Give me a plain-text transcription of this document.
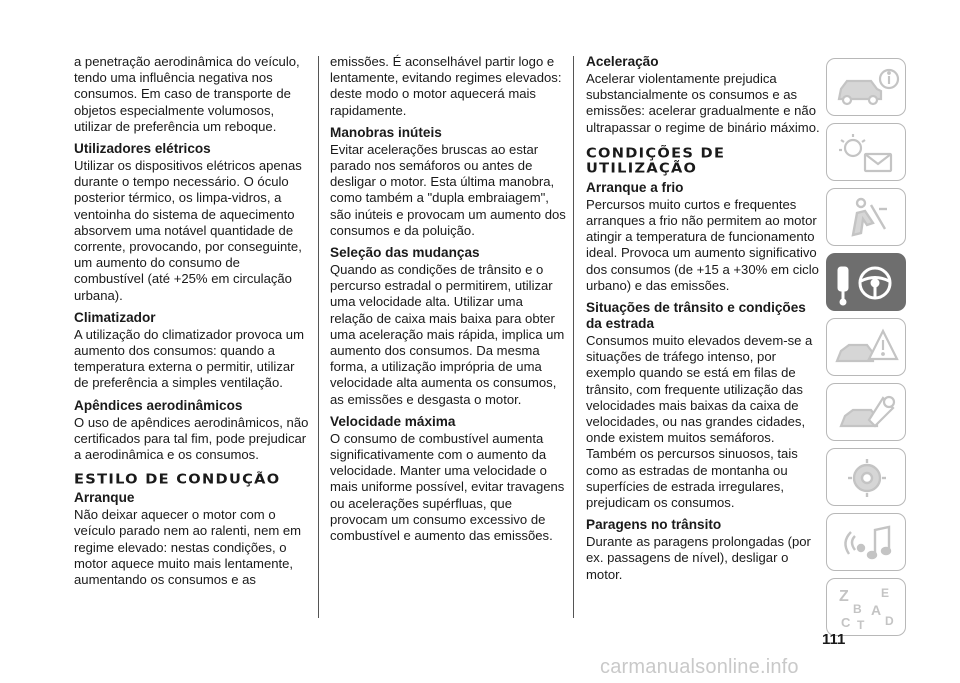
a penetração aerodinâmica do veículo, tendo uma influência negativa nos consumos. Em caso de transporte de objetos especialmente volumosos, utilizar de preferência um reboque.

Utilizadores elétricos

Utilizar os dispositivos elétricos apenas durante o tempo necessário. O óculo posterior térmico, os limpa-vidros, a ventoinha do sistema de aquecimento absorvem uma notável quantidade de corrente, provocando, por conseguinte, um aumento do consumo de combustível (até +25% em circulação urbana).

Climatizador

A utilização do climatizador provoca um aumento dos consumos: quando a temperatura externa o permitir, utilizar de preferência a simples ventilação.

Apêndices aerodinâmicos

O uso de apêndices aerodinâmicos, não certificados para tal fim, pode prejudicar a aerodinâmica e os consumos.

ESTILO DE CONDUÇÃO
Arranque

Não deixar aquecer o motor com o veículo parado nem ao ralenti, nem em regime elevado: nestas condições, o motor aquece muito mais lentamente, aumentando os consumos e as

emissões. É aconselhável partir logo e lentamente, evitando regimes elevados: deste modo o motor aquecerá mais rapidamente.

Manobras inúteis

Evitar acelerações bruscas ao estar parado nos semáforos ou antes de desligar o motor. Esta última manobra, como também a "dupla embraiagem", são inúteis e provocam um aumento dos consumos e da poluição.

Seleção das mudanças

Quando as condições de trânsito e o percurso estradal o permitirem, utilizar uma velocidade alta. Utilizar uma relação de caixa mais baixa para obter uma aceleração mais rápida, implica um aumento dos consumos. Da mesma forma, a utilização imprópria de uma velocidade alta aumenta os consumos, as emissões e desgasta o motor.

Velocidade máxima

O consumo de combustível aumenta significativamente com o aumento da velocidade. Manter uma velocidade o mais uniforme possível, evitar travagens ou acelerações supérfluas, que provocam um consumo excessivo de combustível e aumento das emissões.

Aceleração

Acelerar violentamente prejudica substancialmente os consumos e as emissões: acelerar gradualmente e não ultrapassar o regime de binário máximo.

CONDIÇÕES DE UTILIZAÇÃO
Arranque a frio

Percursos muito curtos e frequentes arranques a frio não permitem ao motor atingir a temperatura de funcionamento ideal. Provoca um aumento significativo dos consumos (de +15 a +30% em ciclo urbano) e das emissões.

Situações de trânsito e condições da estrada

Consumos muito elevados devem-se a situações de tráfego intenso, por exemplo quando se está em filas de trânsito, com frequente utilização das velocidades mais baixas da caixa de velocidades, ou nas grandes cidades, onde existem muitos semáforos. Também os percursos sinuosos, tais como as estradas de montanha ou superfícies de estrada irregulares, prejudicam os consumos.

Paragens no trânsito

Durante as paragens prolongadas (por ex. passagens de nível), desligar o motor.

Z	E
B A
C T D
111
carmanualsonline.info
